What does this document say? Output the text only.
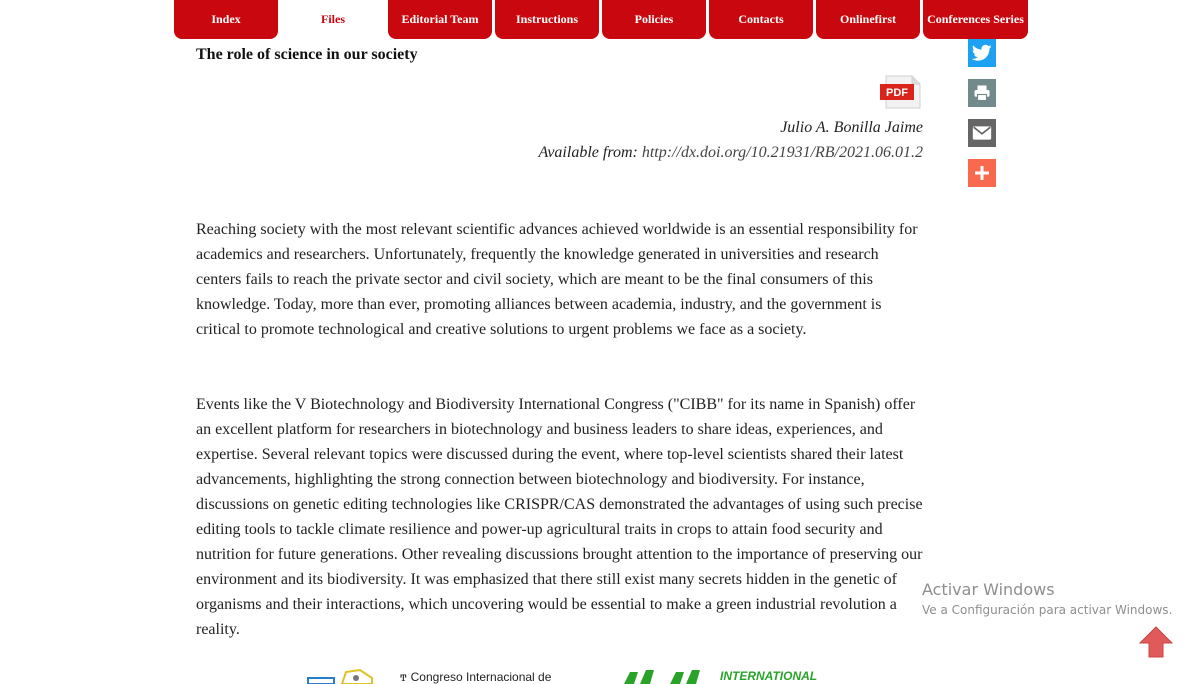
Index	Files	Editorial Team	Instructions	Policies	Contacts	Onlinefirst	Conferences Series
The role of science in our society
PDF
Julio A. Bonilla Jaime
Available from: http://dx.doi.org/10.21931/RB/2021.06.01.2

Reaching society with the most relevant scientific advances achieved worldwide is an essential responsibility for academics and researchers. Unfortunately, frequently the knowledge generated in universities and research centers fails to reach the private sector and civil society, which are meant to be the final consumers of this knowledge. Today, more than ever, promoting alliances between academia, industry, and the government is critical to promote technological and creative solutions to urgent problems we face as a society.

Events like the V Biotechnology and Biodiversity International Congress ("CIBB" for its name in Spanish) offer an excellent platform for researchers in biotechnology and business leaders to share ideas, experiences, and expertise. Several relevant topics were discussed during the event, where top-level scientists shared their latest advancements, highlighting the strong connection between biotechnology and biodiversity. For instance, discussions on genetic editing technologies like CRISPR/CAS demonstrated the advantages of using such precise editing tools to tackle climate resilience and power-up agricultural traits in crops to attain food security and nutrition for future generations. Other revealing discussions brought attention to the importance of preserving our environment and its biodiversity. It was emphasized that there still exist many secrets hidden in the genetic of organisms and their interactions, which uncovering would be essential to make a green industrial revolution a reality.

Activar Windows
Ve a Configuración para activar Windows.
ͳ Congreso Internacional de	INTERNATIONAL
